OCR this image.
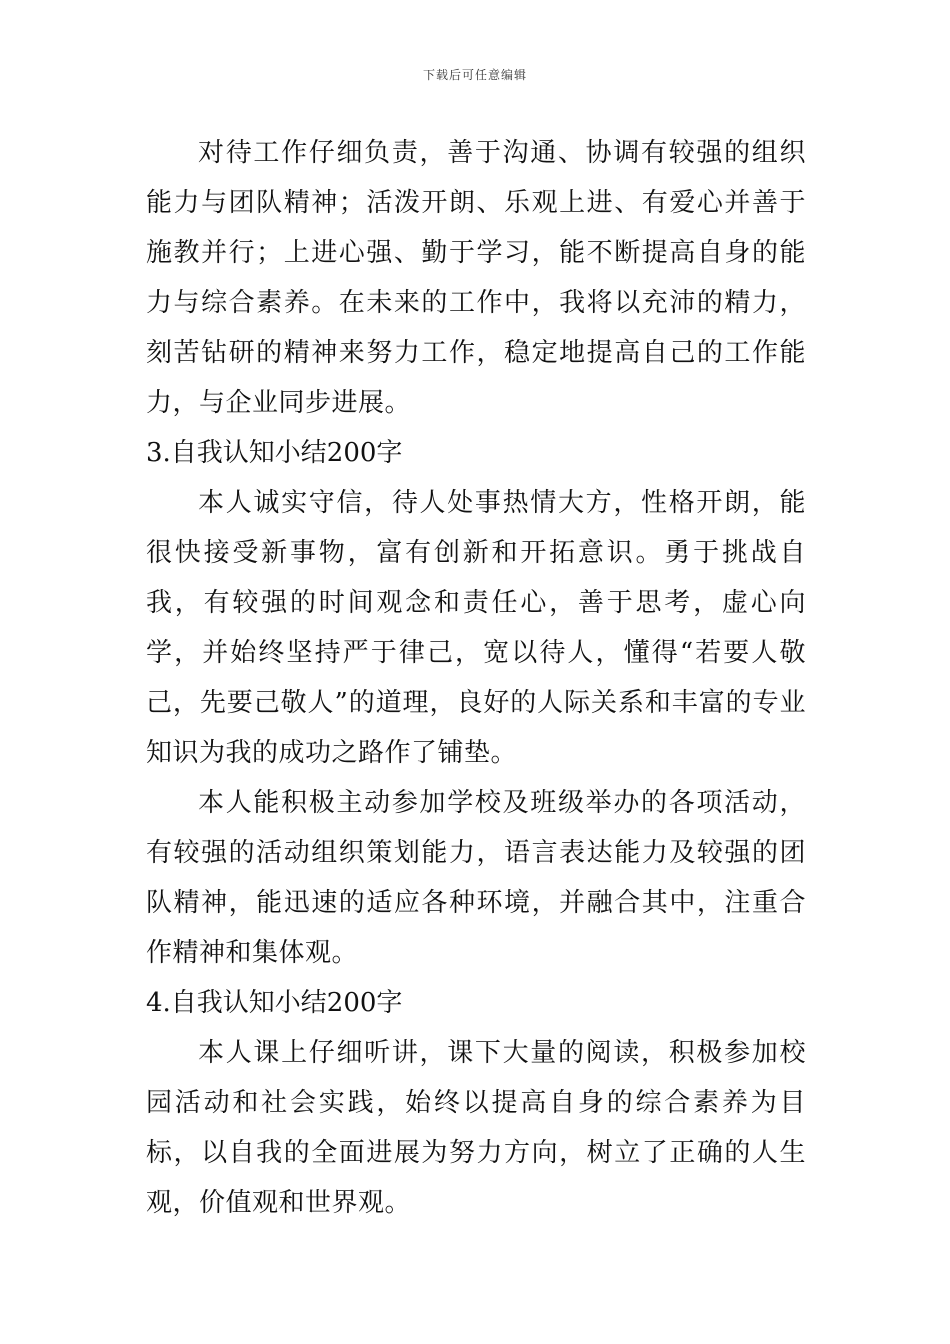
下载后可任意编辑

对待工作仔细负责，善于沟通、协调有较强的组织能力与团队精神；活泼开朗、乐观上进、有爱心并善于施教并行；上进心强、勤于学习，能不断提高自身的能力与综合素养。在未来的工作中，我将以充沛的精力，刻苦钻研的精神来努力工作，稳定地提高自己的工作能力，与企业同步进展。

3.自我认知小结200字

本人诚实守信，待人处事热情大方，性格开朗，能很快接受新事物，富有创新和开拓意识。勇于挑战自我，有较强的时间观念和责任心，善于思考，虚心向学，并始终坚持严于律己，宽以待人，懂得“若要人敬己，先要己敬人”的道理，良好的人际关系和丰富的专业知识为我的成功之路作了铺垫。

本人能积极主动参加学校及班级举办的各项活动，有较强的活动组织策划能力，语言表达能力及较强的团队精神，能迅速的适应各种环境，并融合其中，注重合作精神和集体观。

4.自我认知小结200字

本人课上仔细听讲，课下大量的阅读，积极参加校园活动和社会实践，始终以提高自身的综合素养为目标，以自我的全面进展为努力方向，树立了正确的人生观，价值观和世界观。
